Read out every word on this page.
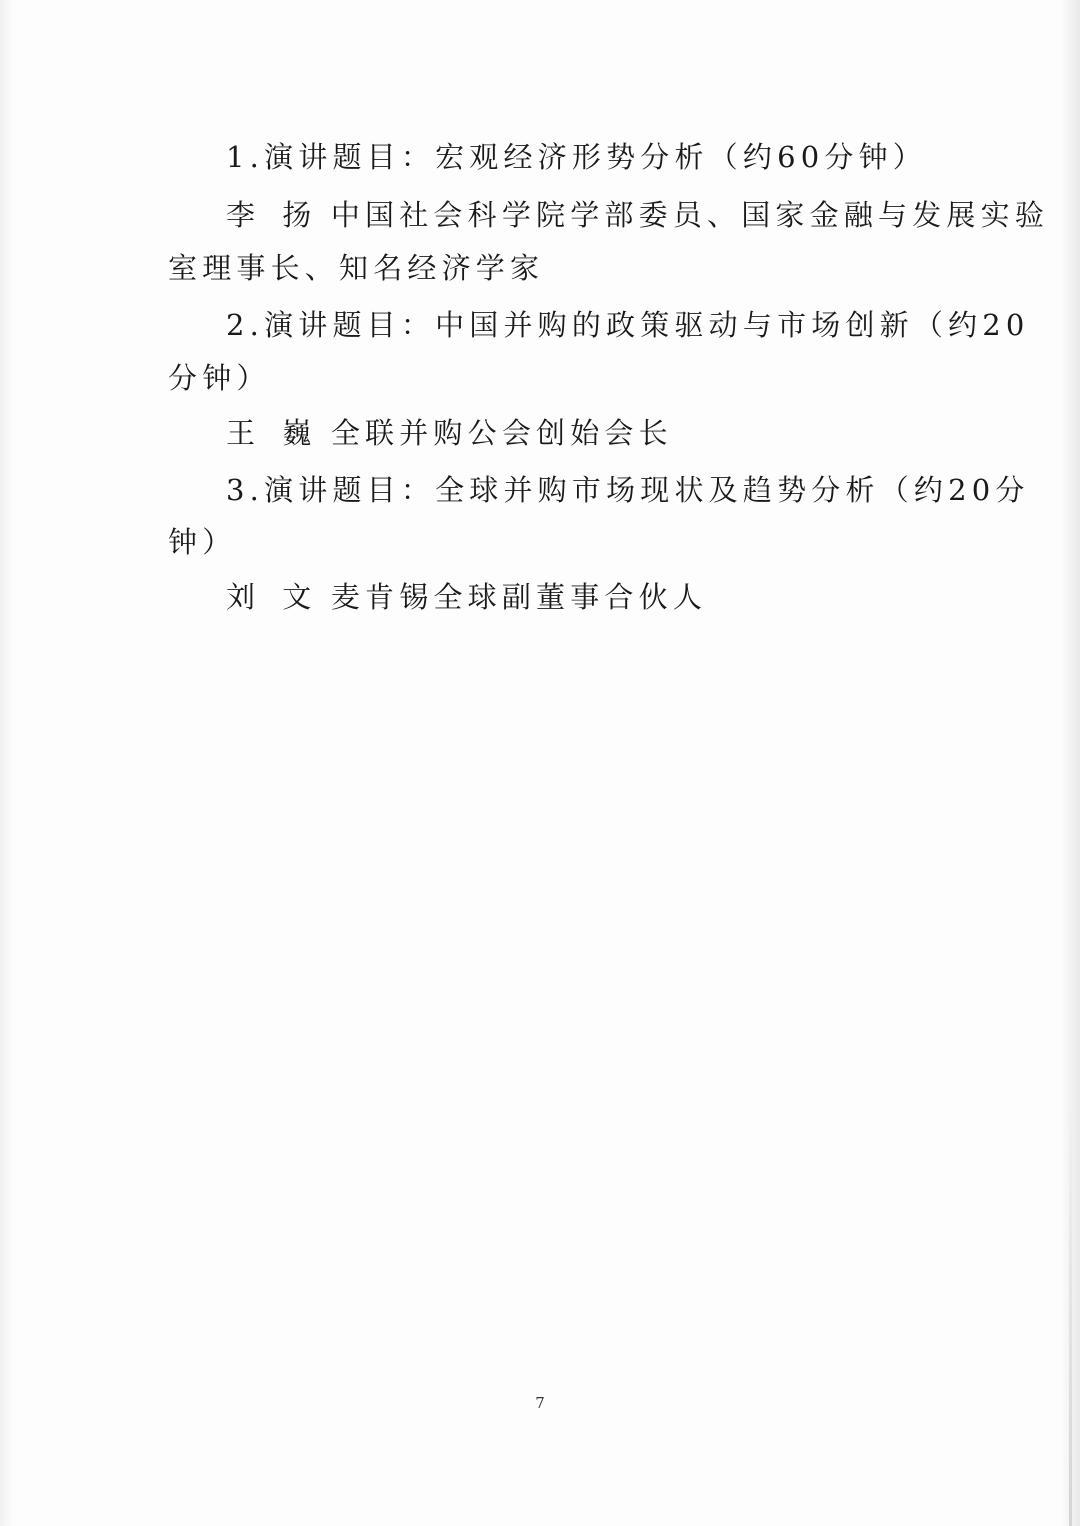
1.演讲题目：宏观经济形势分析（约60分钟）
李 扬 中国社会科学院学部委员、国家金融与发展实验
室理事长、知名经济学家
2.演讲题目：中国并购的政策驱动与市场创新（约20
分钟）
王 巍 全联并购公会创始会长
3.演讲题目：全球并购市场现状及趋势分析（约20分
钟）
刘 文 麦肯锡全球副董事合伙人
7
